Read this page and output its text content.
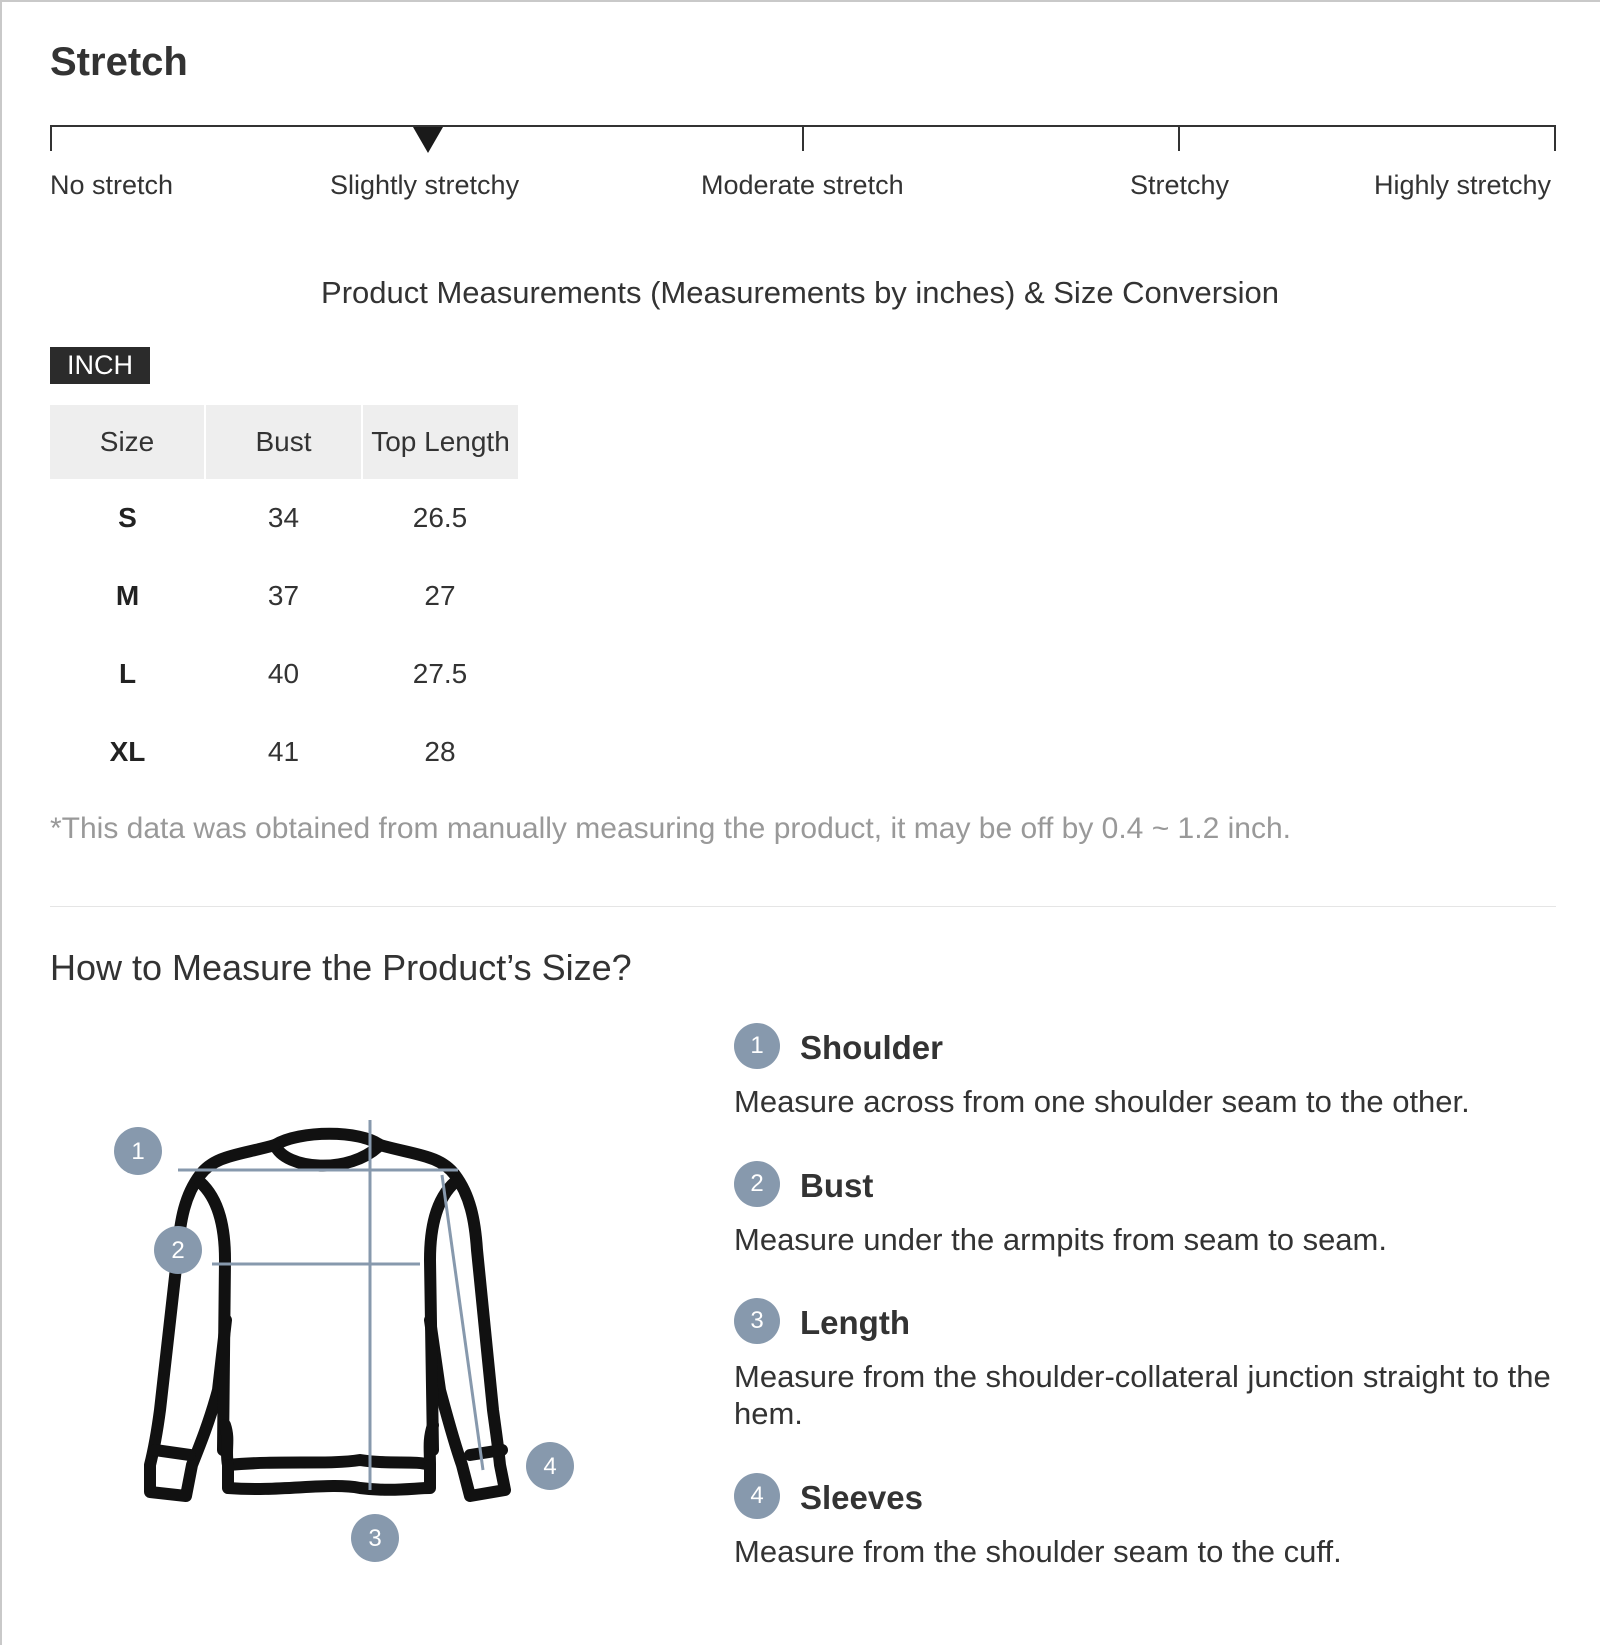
Stretch
No stretch	Slightly stretchy	Moderate stretch	Stretchy	Highly stretchy
Product Measurements (Measurements by inches) & Size Conversion
INCH
Size	Bust	Top Length
S	34	26.5
M	37	27
L	40	27.5
XL	41	28
*This data was obtained from manually measuring the product, it may be off by 0.4 ~ 1.2 inch.
How to Measure the Product’s Size?
1
2
3
4
1	Shoulder
Measure across from one shoulder seam to the other.
2	Bust
Measure under the armpits from seam to seam.
3	Length
Measure from the shoulder-collateral junction straight to the hem.
4	Sleeves
Measure from the shoulder seam to the cuff.
